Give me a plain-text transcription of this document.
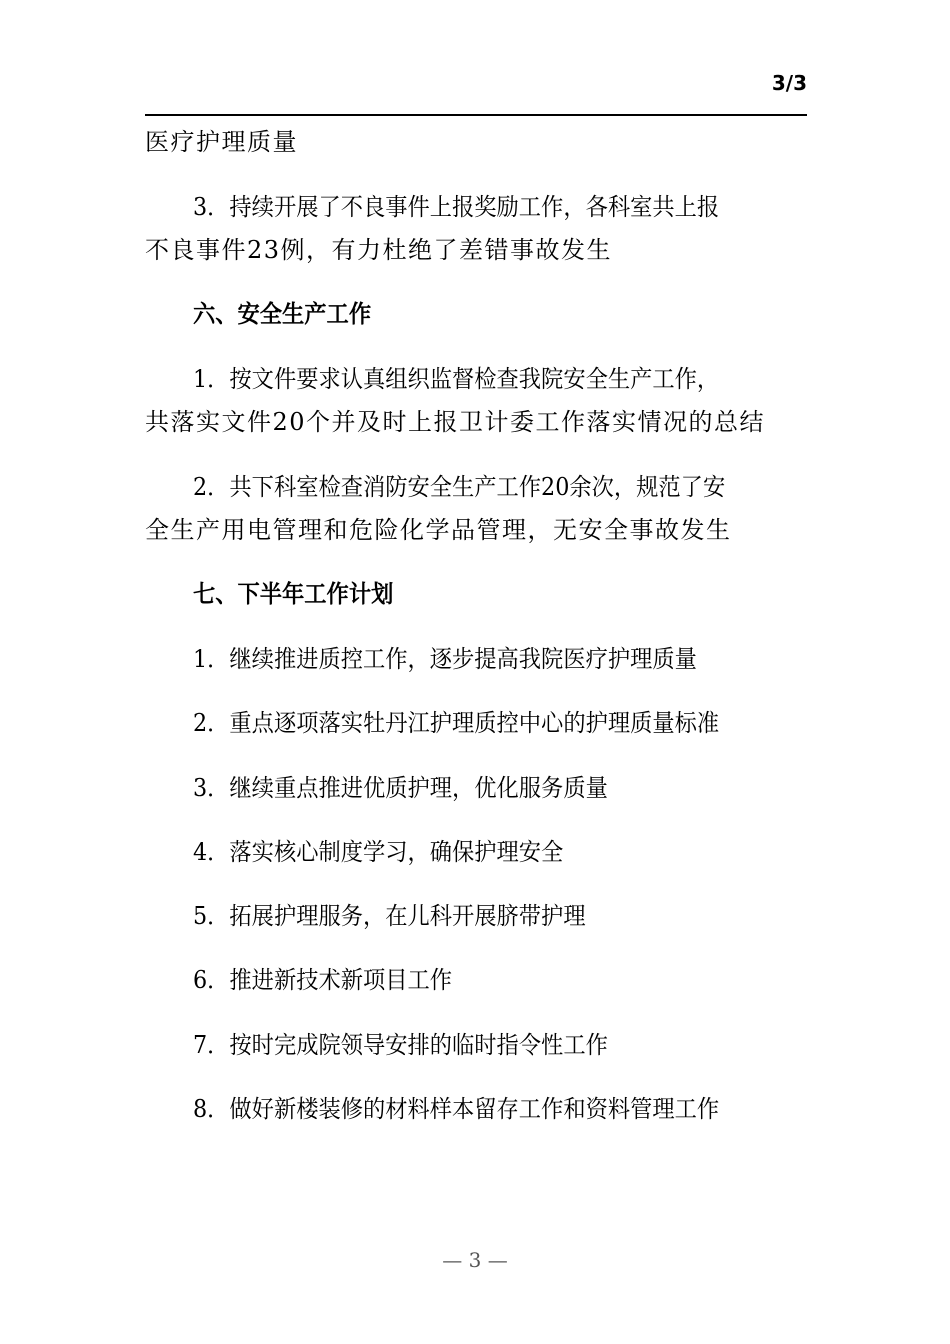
3/3
医疗护理质量
3．持续开展了不良事件上报奖励工作，各科室共上报
不良事件23例，有力杜绝了差错事故发生
六、安全生产工作
1．按文件要求认真组织监督检查我院安全生产工作，
共落实文件20个并及时上报卫计委工作落实情况的总结
2．共下科室检查消防安全生产工作20余次，规范了安
全生产用电管理和危险化学品管理，无安全事故发生
七、下半年工作计划
1．继续推进质控工作，逐步提高我院医疗护理质量
2．重点逐项落实牡丹江护理质控中心的护理质量标准
3．继续重点推进优质护理，优化服务质量
4．落实核心制度学习，确保护理安全
5．拓展护理服务，在儿科开展脐带护理
6．推进新技术新项目工作
7．按时完成院领导安排的临时指令性工作
8．做好新楼装修的材料样本留存工作和资料管理工作
— 3 —
